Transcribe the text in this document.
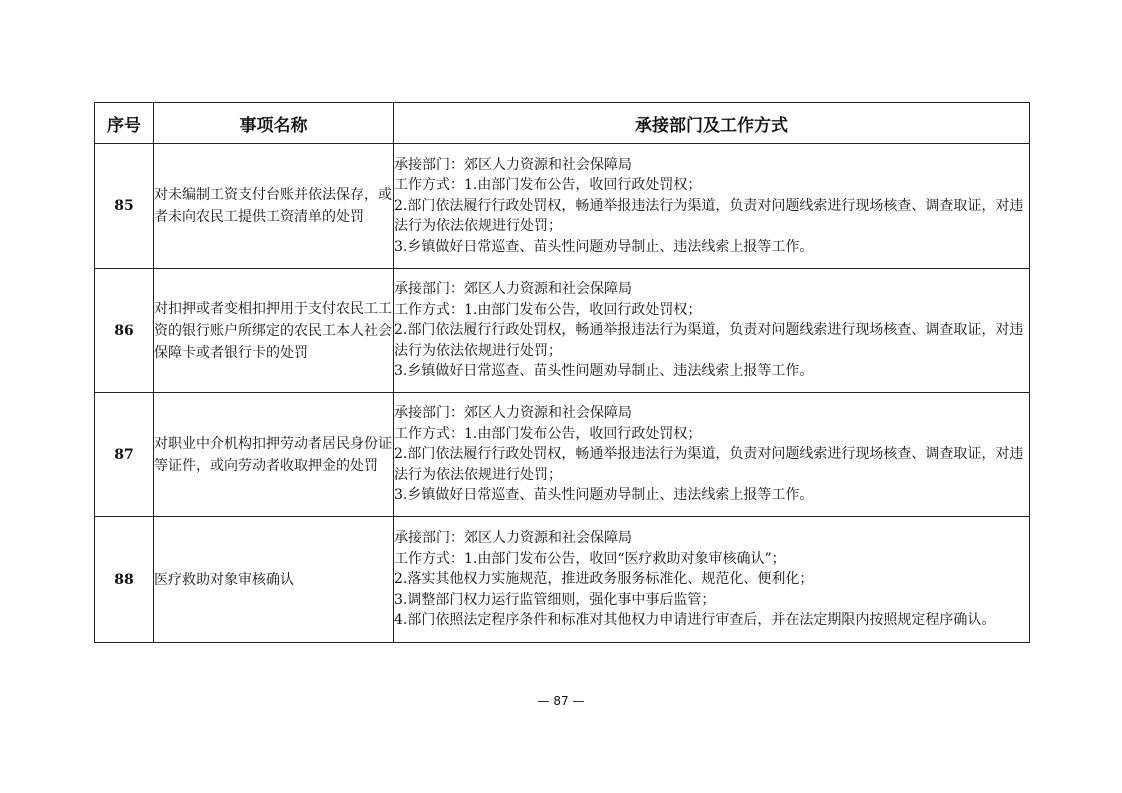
序号	事项名称	承接部门及工作方式
85	对未编制工资支付台账并依法保存，或者未向农民工提供工资清单的处罚	承接部门：郊区人力资源和社会保障局
工作方式：1.由部门发布公告，收回行政处罚权；
2.部门依法履行行政处罚权，畅通举报违法行为渠道，负责对问题线索进行现场核查、调查取证，对违法行为依法依规进行处罚；
3.乡镇做好日常巡查、苗头性问题劝导制止、违法线索上报等工作。

86	对扣押或者变相扣押用于支付农民工工资的银行账户所绑定的农民工本人社会保障卡或者银行卡的处罚	承接部门：郊区人力资源和社会保障局
工作方式：1.由部门发布公告，收回行政处罚权；
2.部门依法履行行政处罚权，畅通举报违法行为渠道，负责对问题线索进行现场核查、调查取证，对违法行为依法依规进行处罚；
3.乡镇做好日常巡查、苗头性问题劝导制止、违法线索上报等工作。

87	对职业中介机构扣押劳动者居民身份证等证件，或向劳动者收取押金的处罚	承接部门：郊区人力资源和社会保障局
工作方式：1.由部门发布公告，收回行政处罚权；
2.部门依法履行行政处罚权，畅通举报违法行为渠道，负责对问题线索进行现场核查、调查取证，对违法行为依法依规进行处罚；
3.乡镇做好日常巡查、苗头性问题劝导制止、违法线索上报等工作。

88	医疗救助对象审核确认	承接部门：郊区人力资源和社会保障局
工作方式：1.由部门发布公告，收回“医疗救助对象审核确认”；
2.落实其他权力实施规范，推进政务服务标准化、规范化、便利化；
3.调整部门权力运行监管细则，强化事中事后监管；
4.部门依照法定程序条件和标准对其他权力申请进行审查后，并在法定期限内按照规定程序确认。
— 87 —
